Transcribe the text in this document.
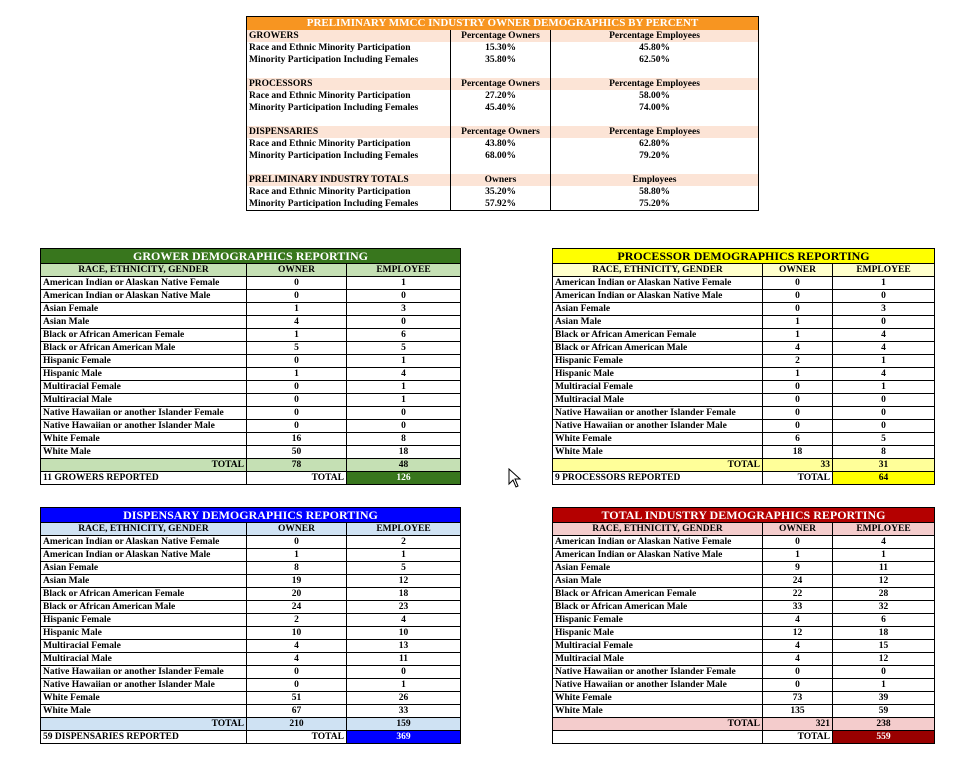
PRELIMINARY MMCC INDUSTRY OWNER DEMOGRAPHICS BY PERCENT		
GROWERS	Percentage Owners	Percentage Employees
Race and Ethnic Minority Participation	15.30%	45.80%
Minority Participation Including Females	35.80%	62.50%

PROCESSORS	Percentage Owners	Percentage Employees
Race and Ethnic Minority Participation	27.20%	58.00%
Minority Participation Including Females	45.40%	74.00%

DISPENSARIES	Percentage Owners	Percentage Employees
Race and Ethnic Minority Participation	43.80%	62.80%
Minority Participation Including Females	68.00%	79.20%

PRELIMINARY INDUSTRY TOTALS	Owners	Employees
Race and Ethnic Minority Participation	35.20%	58.80%
Minority Participation Including Females	57.92%	75.20%
GROWER DEMOGRAPHICS REPORTING		
RACE, ETHNICITY, GENDER	OWNER	EMPLOYEE
American Indian or Alaskan Native Female	0	1
American Indian or Alaskan Native Male	0	0
Asian Female	1	3
Asian Male	4	0
Black or African American Female	1	6
Black or African American Male	5	5
Hispanic Female	0	1
Hispanic Male	1	4
Multiracial Female	0	1
Multiracial Male	0	1
Native Hawaiian or another Islander Female	0	0
Native Hawaiian or another Islander Male	0	0
White Female	16	8
White Male	50	18
TOTAL	78	48
11 GROWERS REPORTED	TOTAL	126
PROCESSOR DEMOGRAPHICS REPORTING		
RACE, ETHNICITY, GENDER	OWNER	EMPLOYEE
American Indian or Alaskan Native Female	0	1
American Indian or Alaskan Native Male	0	0
Asian Female	0	3
Asian Male	1	0
Black or African American Female	1	4
Black or African American Male	4	4
Hispanic Female	2	1
Hispanic Male	1	4
Multiracial Female	0	1
Multiracial Male	0	0
Native Hawaiian or another Islander Female	0	0
Native Hawaiian or another Islander Male	0	0
White Female	6	5
White Male	18	8
TOTAL	33	31
9 PROCESSORS REPORTED	TOTAL	64
DISPENSARY DEMOGRAPHICS REPORTING		
RACE, ETHNICITY, GENDER	OWNER	EMPLOYEE
American Indian or Alaskan Native Female	0	2
American Indian or Alaskan Native Male	1	1
Asian Female	8	5
Asian Male	19	12
Black or African American Female	20	18
Black or African American Male	24	23
Hispanic Female	2	4
Hispanic Male	10	10
Multiracial Female	4	13
Multiracial Male	4	11
Native Hawaiian or another Islander Female	0	0
Native Hawaiian or another Islander Male	0	1
White Female	51	26
White Male	67	33
TOTAL	210	159
59 DISPENSARIES REPORTED	TOTAL	369
TOTAL INDUSTRY DEMOGRAPHICS REPORTING		
RACE, ETHNICITY, GENDER	OWNER	EMPLOYEE
American Indian or Alaskan Native Female	0	4
American Indian or Alaskan Native Male	1	1
Asian Female	9	11
Asian Male	24	12
Black or African American Female	22	28
Black or African American Male	33	32
Hispanic Female	4	6
Hispanic Male	12	18
Multiracial Female	4	15
Multiracial Male	4	12
Native Hawaiian or another Islander Female	0	0
Native Hawaiian or another Islander Male	0	1
White Female	73	39
White Male	135	59
TOTAL	321	238
	TOTAL	559
